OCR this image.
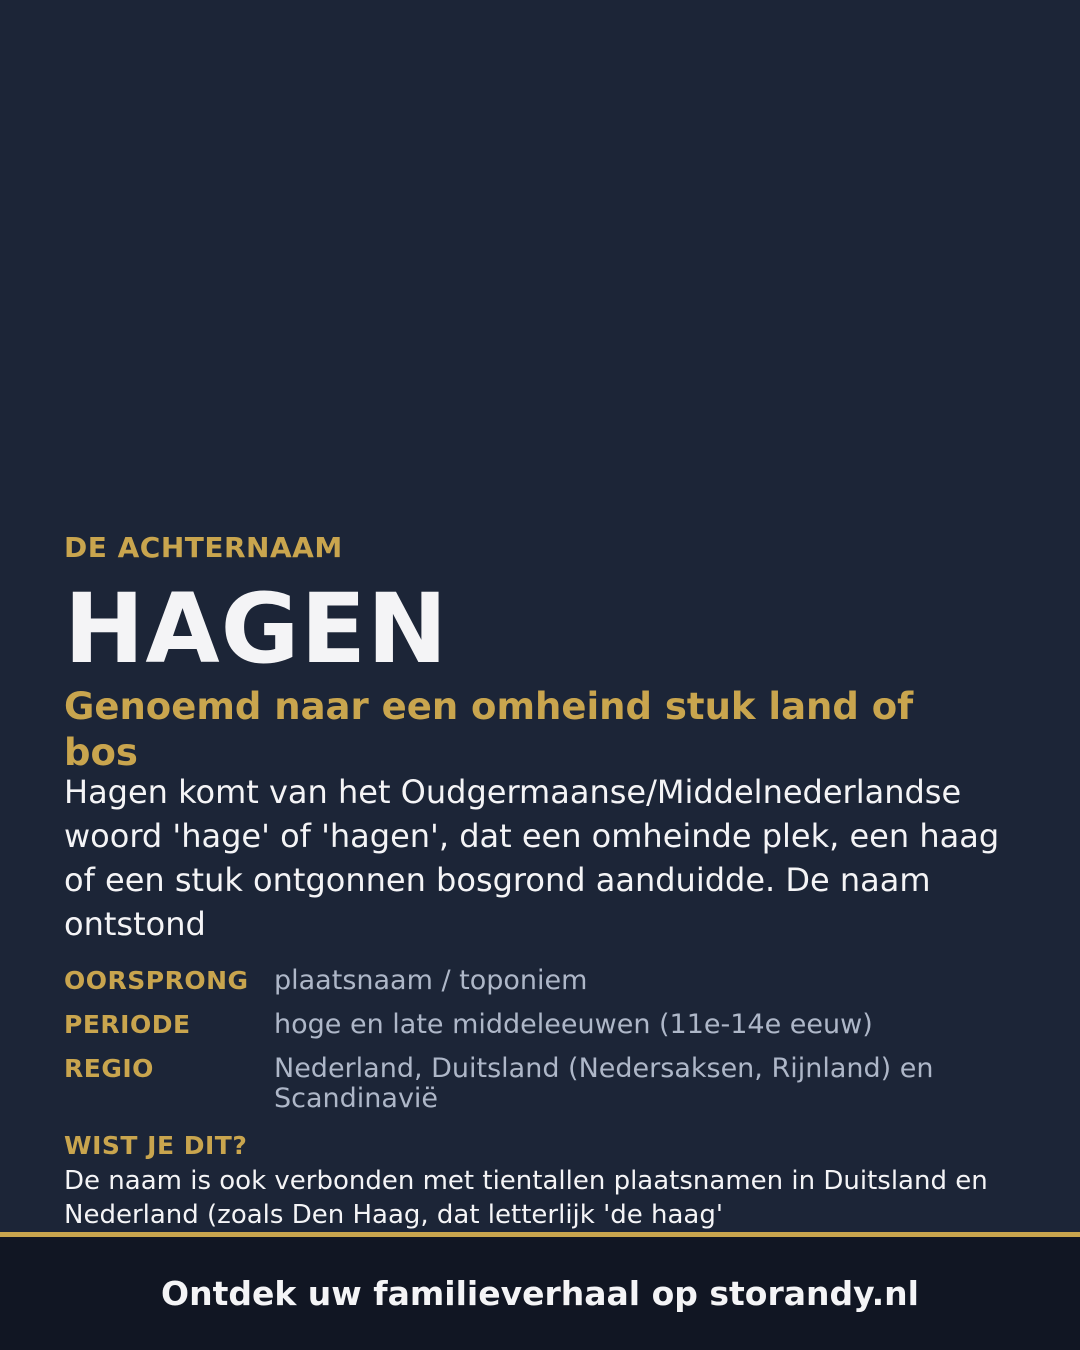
DE ACHTERNAAM
HAGEN
Genoemd naar een omheind stuk land of bos
Hagen komt van het Oudgermaanse/Middelnederlandse woord 'hage' of 'hagen', dat een omheinde plek, een haag of een stuk ontgonnen bosgrond aanduidde. De naam ontstond
OORSPRONG plaatsnaam / toponiem
PERIODE	hoge en late middeleeuwen (11e-14e eeuw)
REGIO	Nederland, Duitsland (Nedersaksen, Rijnland) en Scandinavië
WIST JE DIT?
De naam is ook verbonden met tientallen plaatsnamen in Duitsland en Nederland (zoals Den Haag, dat letterlijk 'de haag'
Ontdek uw familieverhaal op storandy.nl
